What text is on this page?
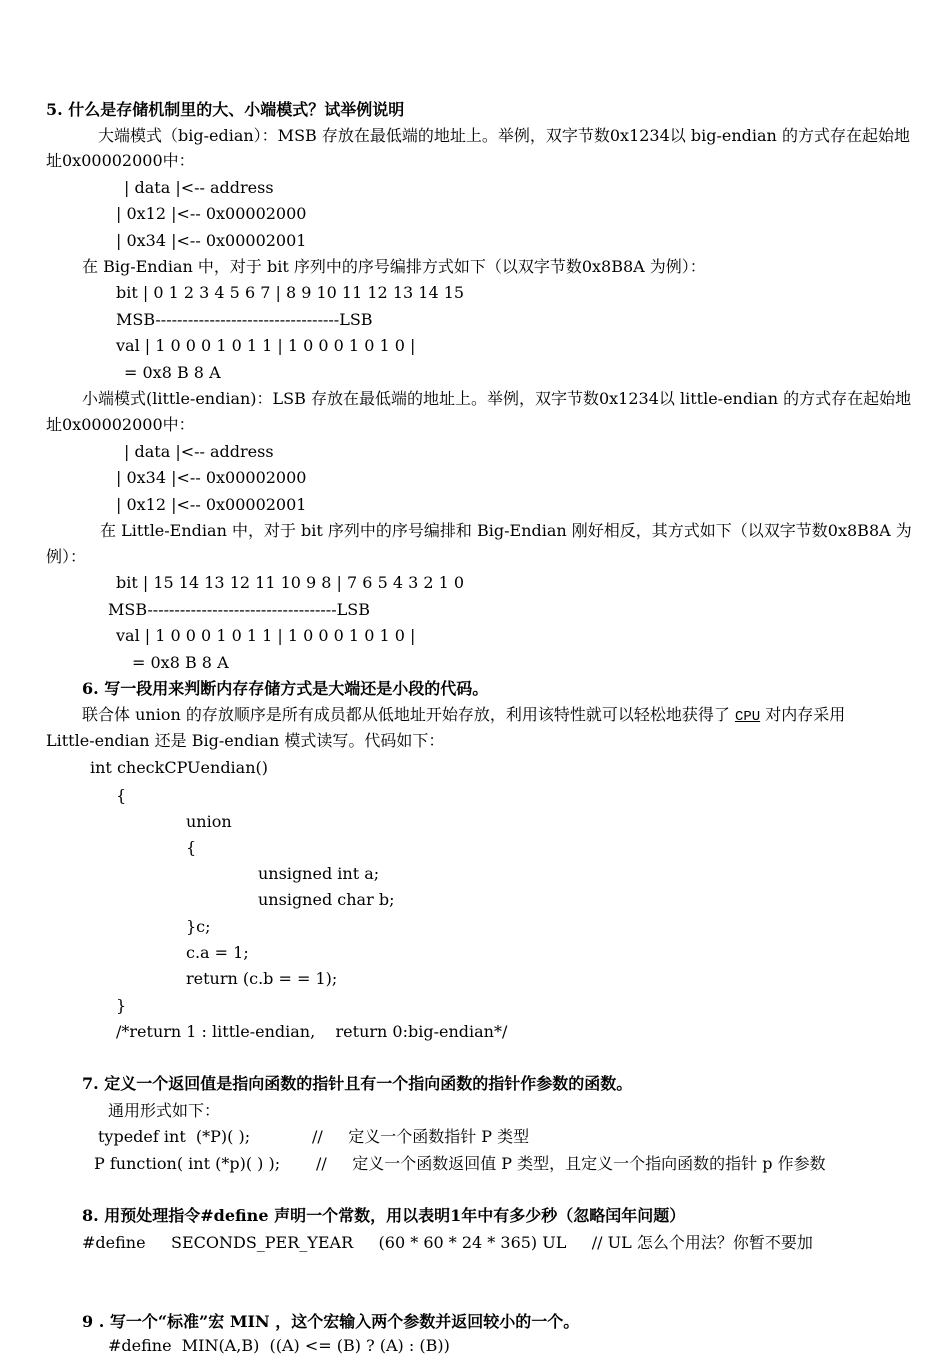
5. 什么是存储机制里的大、小端模式？试举例说明
大端模式（big-edian）：MSB 存放在最低端的地址上。举例，双字节数0x1234以 big-endian 的方式存在起始地
址0x00002000中：
| data |<-- address
| 0x12 |<-- 0x00002000
| 0x34 |<-- 0x00002001
在 Big-Endian 中，对于 bit 序列中的序号编排方式如下（以双字节数0x8B8A 为例）：
bit | 0 1 2 3 4 5 6 7 | 8 9 10 11 12 13 14 15
MSB----------------------------------LSB
val | 1 0 0 0 1 0 1 1 | 1 0 0 0 1 0 1 0 |
= 0x8 B 8 A
小端模式(little-endian)：LSB 存放在最低端的地址上。举例，双字节数0x1234以 little-endian 的方式存在起始地
址0x00002000中：
| data |<-- address
| 0x34 |<-- 0x00002000
| 0x12 |<-- 0x00002001
在 Little-Endian 中，对于 bit 序列中的序号编排和 Big-Endian 刚好相反，其方式如下（以双字节数0x8B8A 为
例）：
bit | 15 14 13 12 11 10 9 8 | 7 6 5 4 3 2 1 0
MSB-----------------------------------LSB
val | 1 0 0 0 1 0 1 1 | 1 0 0 0 1 0 1 0 |
= 0x8 B 8 A
6. 写一段用来判断内存存储方式是大端还是小段的代码。
联合体 union 的存放顺序是所有成员都从低地址开始存放，利用该特性就可以轻松地获得了 CPU 对内存采用
Little-endian 还是 Big-endian 模式读写。代码如下：
int checkCPUendian()
{
union
{
unsigned int a;
unsigned char b;
}c;
c.a = 1;
return (c.b = = 1);
}
/*return 1 : little-endian,    return 0:big-endian*/
7. 定义一个返回值是指向函数的指针且有一个指向函数的指针作参数的函数。
通用形式如下：
typedef int  (*P)( );	//     定义一个函数指针 P 类型
P function( int (*p)( ) ); //     定义一个函数返回值 P 类型，且定义一个指向函数的指针 p 作参数
8. 用预处理指令#define 声明一个常数，用以表明1年中有多少秒（忽略闰年问题）
#define     SECONDS_PER_YEAR     (60 * 60 * 24 * 365) UL     // UL 怎么个用法？你暂不要加
9 . 写一个“标准”宏 MIN ，这个宏输入两个参数并返回较小的一个。
#define  MIN(A,B)  ((A) <= (B) ? (A) : (B))
